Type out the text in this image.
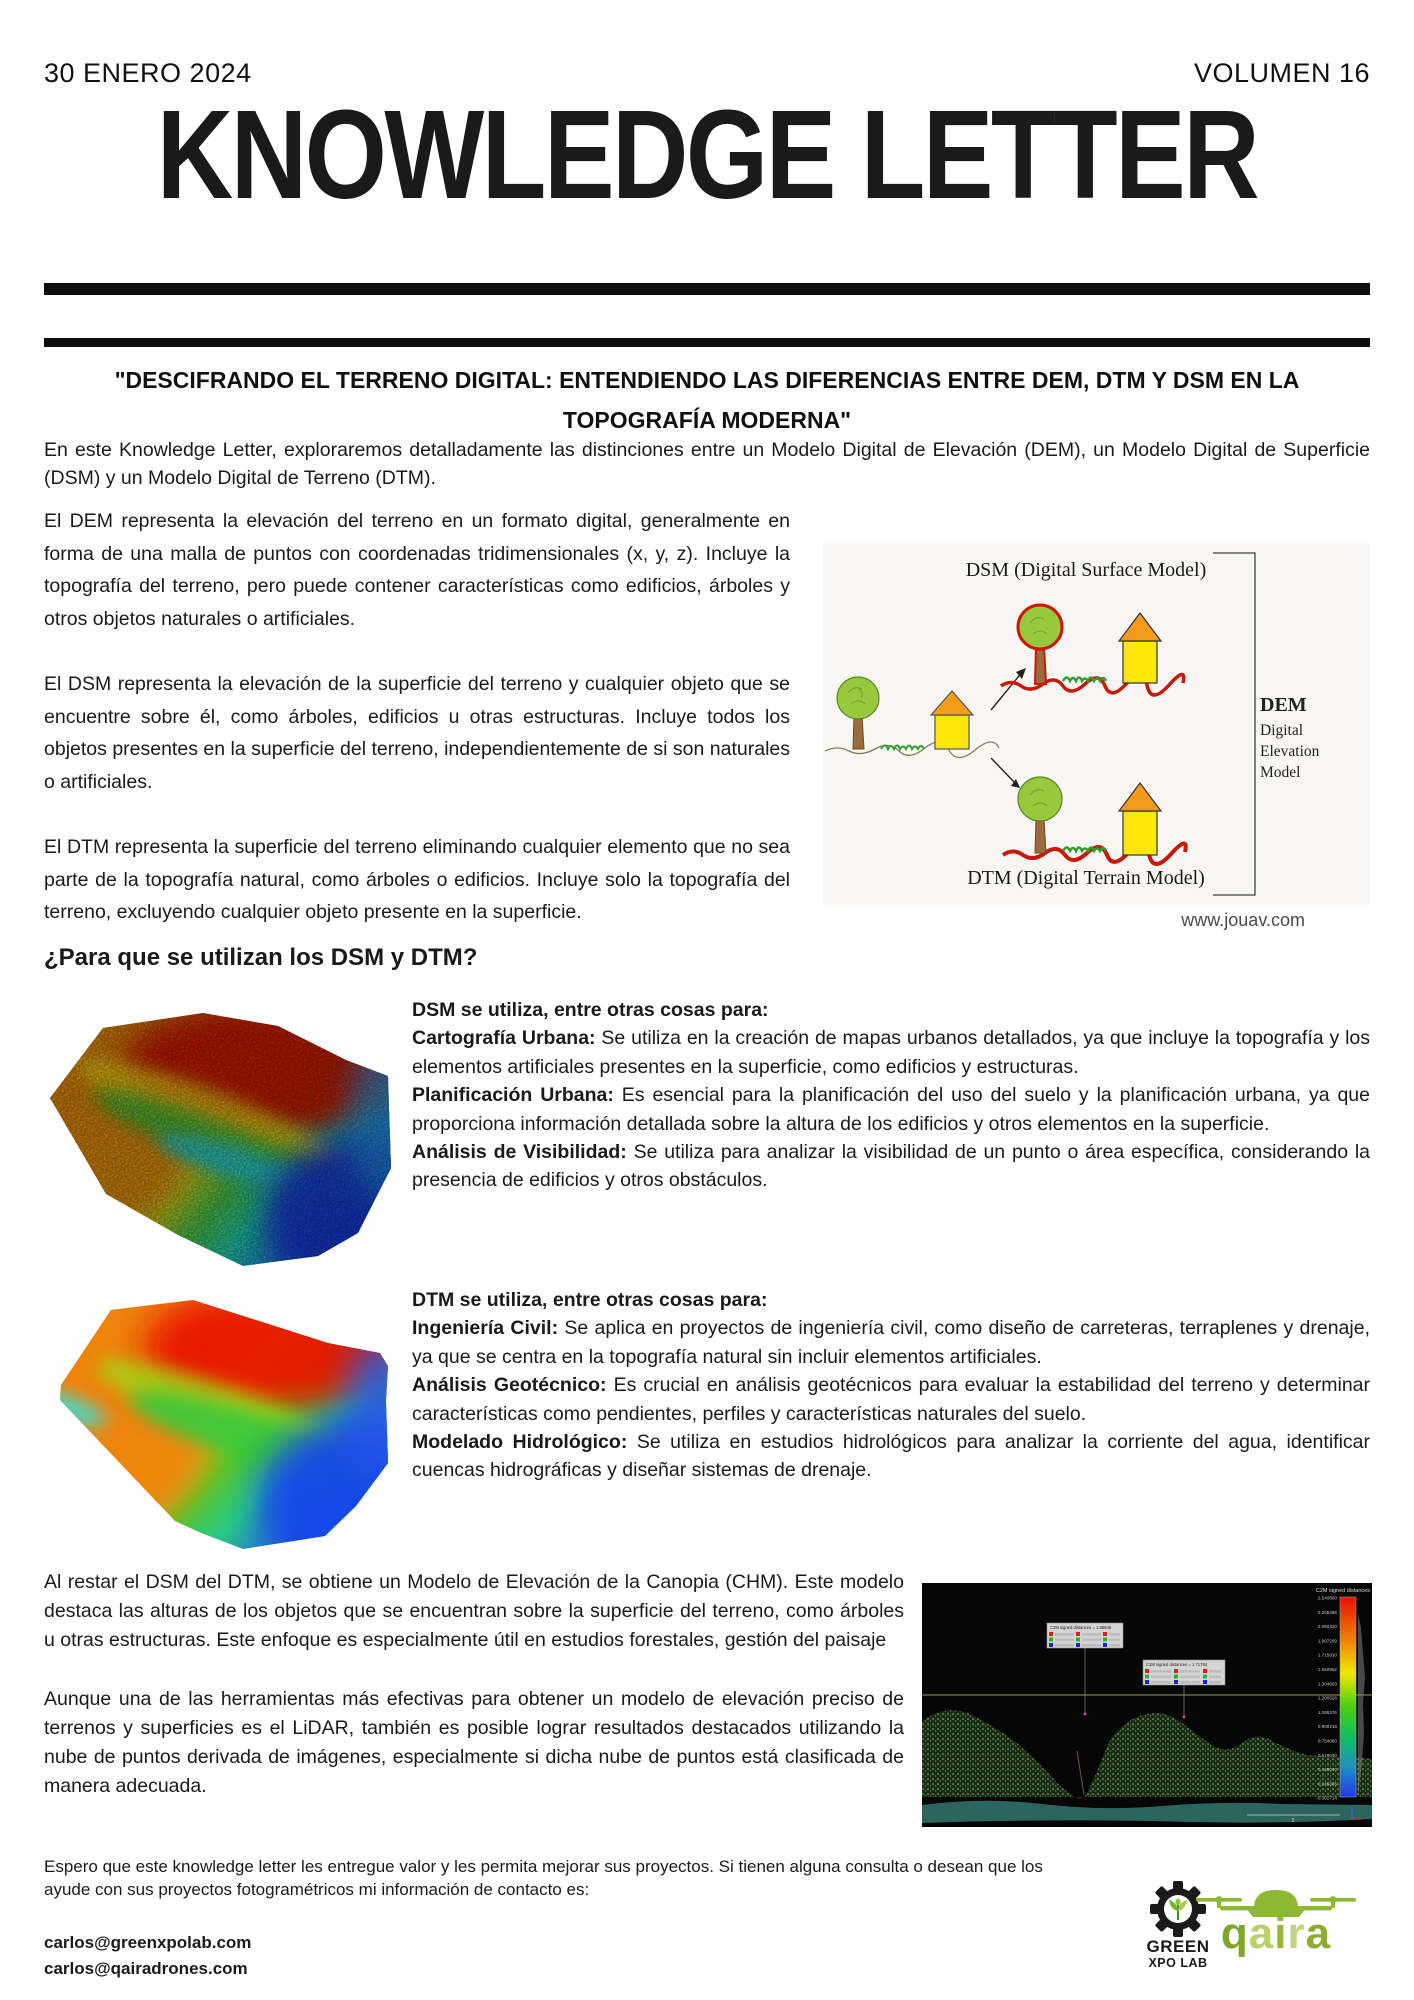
30 ENERO 2024	VOLUMEN 16
KNOWLEDGE LETTER
"DESCIFRANDO EL TERRENO DIGITAL: ENTENDIENDO LAS DIFERENCIAS ENTRE DEM, DTM Y DSM EN LA TOPOGRAFÍA MODERNA"
En este Knowledge Letter, exploraremos detalladamente las distinciones entre un Modelo Digital de Elevación (DEM), un Modelo Digital de Superficie (DSM) y un Modelo Digital de Terreno (DTM).

El DEM representa la elevación del terreno en un formato digital, generalmente en forma de una malla de puntos con coordenadas tridimensionales (x, y, z). Incluye la topografía del terreno, pero puede contener características como edificios, árboles y otros objetos naturales o artificiales.

El DSM representa la elevación de la superficie del terreno y cualquier objeto que se encuentre sobre él, como árboles, edificios u otras estructuras. Incluye todos los objetos presentes en la superficie del terreno, independientemente de si son naturales o artificiales.

El DTM representa la superficie del terreno eliminando cualquier elemento que no sea parte de la topografía natural, como árboles o edificios. Incluye solo la topografía del terreno, excluyendo cualquier objeto presente en la superficie.

DEM
Digital
Elevation
Model
DSM (Digital Surface Model)
DTM (Digital Terrain Model)
www.jouav.com
¿Para que se utilizan los DSM y DTM?

DSM se utiliza, entre otras cosas para:

Cartografía Urbana: Se utiliza en la creación de mapas urbanos detallados, ya que incluye la topografía y los elementos artificiales presentes en la superficie, como edificios y estructuras.

Planificación Urbana: Es esencial para la planificación del uso del suelo y la planificación urbana, ya que proporciona información detallada sobre la altura de los edificios y otros elementos en la superficie.

Análisis de Visibilidad: Se utiliza para analizar la visibilidad de un punto o área específica, considerando la presencia de edificios y otros obstáculos.

DTM se utiliza, entre otras cosas para:

Ingeniería Civil: Se aplica en proyectos de ingeniería civil, como diseño de carreteras, terraplenes y drenaje, ya que se centra en la topografía natural sin incluir elementos artificiales.

Análisis Geotécnico: Es crucial en análisis geotécnicos para evaluar la estabilidad del terreno y determinar características como pendientes, perfiles y características naturales del suelo.

Modelado Hidrológico: Se utiliza en estudios hidrológicos para analizar la corriente del agua, identificar cuencas hidrográficas y diseñar sistemas de drenaje.

Al restar el DSM del DTM, se obtiene un Modelo de Elevación de la Canopia (CHM). Este modelo destaca las alturas de los objetos que se encuentran sobre la superficie del terreno, como árboles u otras estructuras. Este enfoque es especialmente útil en estudios forestales, gestión del paisaje

Aunque una de las herramientas más efectivas para obtener un modelo de elevación preciso de terrenos y superficies es el LiDAR, también es posible lograr resultados destacados utilizando la nube de puntos derivada de imágenes, especialmente si dicha nube de puntos está clasificada de manera adecuada.

C2M signed distances = 1.68945
C2M signed distances = 1.71784
C2M signed distances
2.540800
2.265486
2.050320
1.907209
1.715810
1.550952
1.304603
1.200526
1.066376
0.900218
0.754060
0.579030
0.460040
0.245085
-0.002714
2
Espero que este knowledge letter les entregue valor y les permita mejorar sus proyectos. Si tienen alguna consulta o desean que los ayude con sus proyectos fotogramétricos mi información de contacto es:
carlos@greenxpolab.com
carlos@qairadrones.com
GREEN
XPO LAB
qaira
